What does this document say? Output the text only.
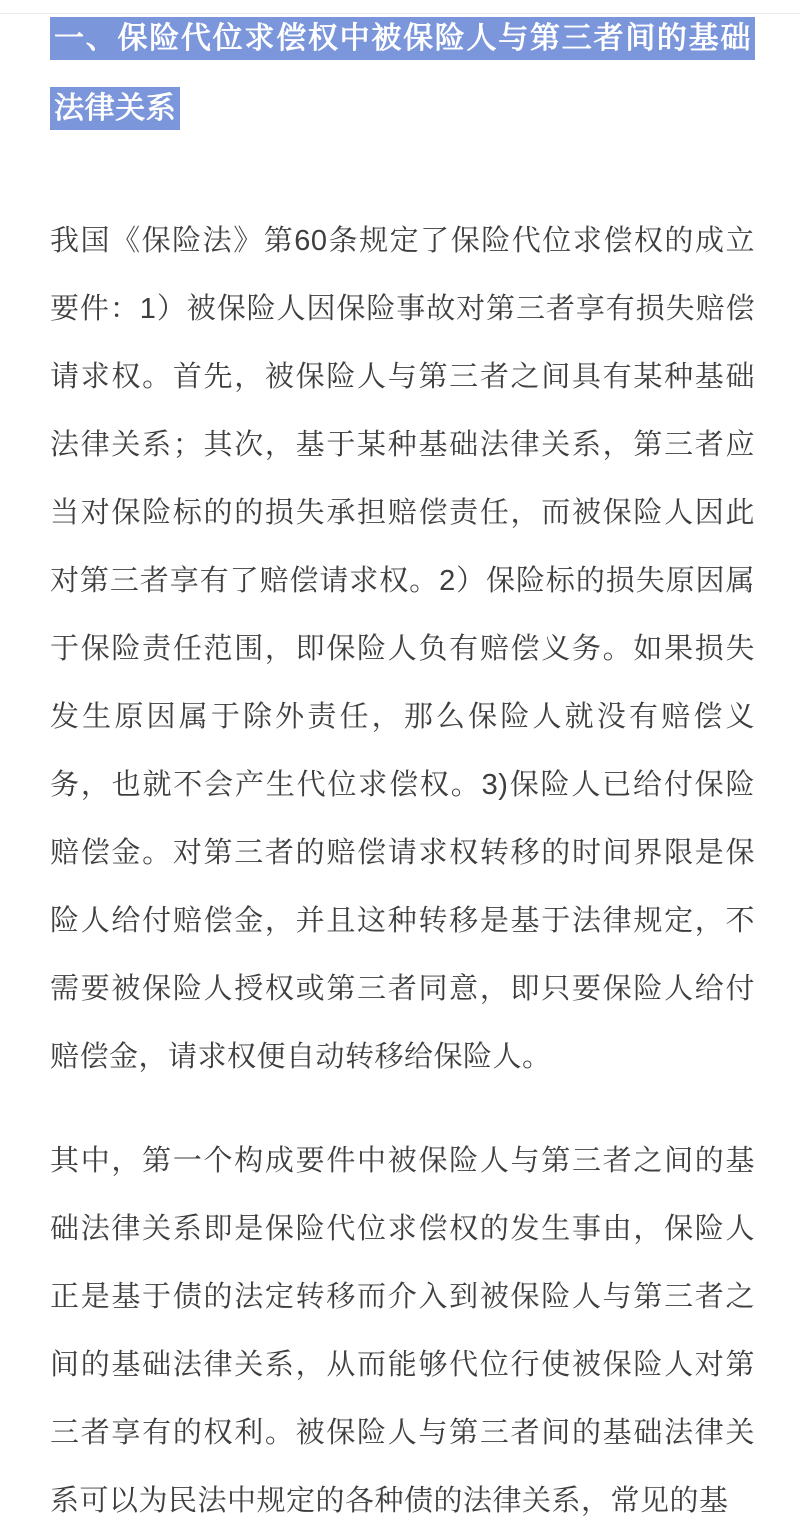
一、保险代位求偿权中被保险人与第三者间的基础法律关系

我国《保险法》第60条规定了保险代位求偿权的成立要件：1）被保险人因保险事故对第三者享有损失赔偿请求权。首先，被保险人与第三者之间具有某种基础法律关系；其次，基于某种基础法律关系，第三者应当对保险标的的损失承担赔偿责任，而被保险人因此对第三者享有了赔偿请求权。2）保险标的损失原因属于保险责任范围，即保险人负有赔偿义务。如果损失发生原因属于除外责任，那么保险人就没有赔偿义务，也就不会产生代位求偿权。3)保险人已给付保险赔偿金。对第三者的赔偿请求权转移的时间界限是保险人给付赔偿金，并且这种转移是基于法律规定，不需要被保险人授权或第三者同意，即只要保险人给付赔偿金，请求权便自动转移给保险人。

其中，第一个构成要件中被保险人与第三者之间的基础法律关系即是保险代位求偿权的发生事由，保险人正是基于债的法定转移而介入到被保险人与第三者之间的基础法律关系，从而能够代位行使被保险人对第三者享有的权利。被保险人与第三者间的基础法律关系可以为民法中规定的各种债的法律关系，常见的基
